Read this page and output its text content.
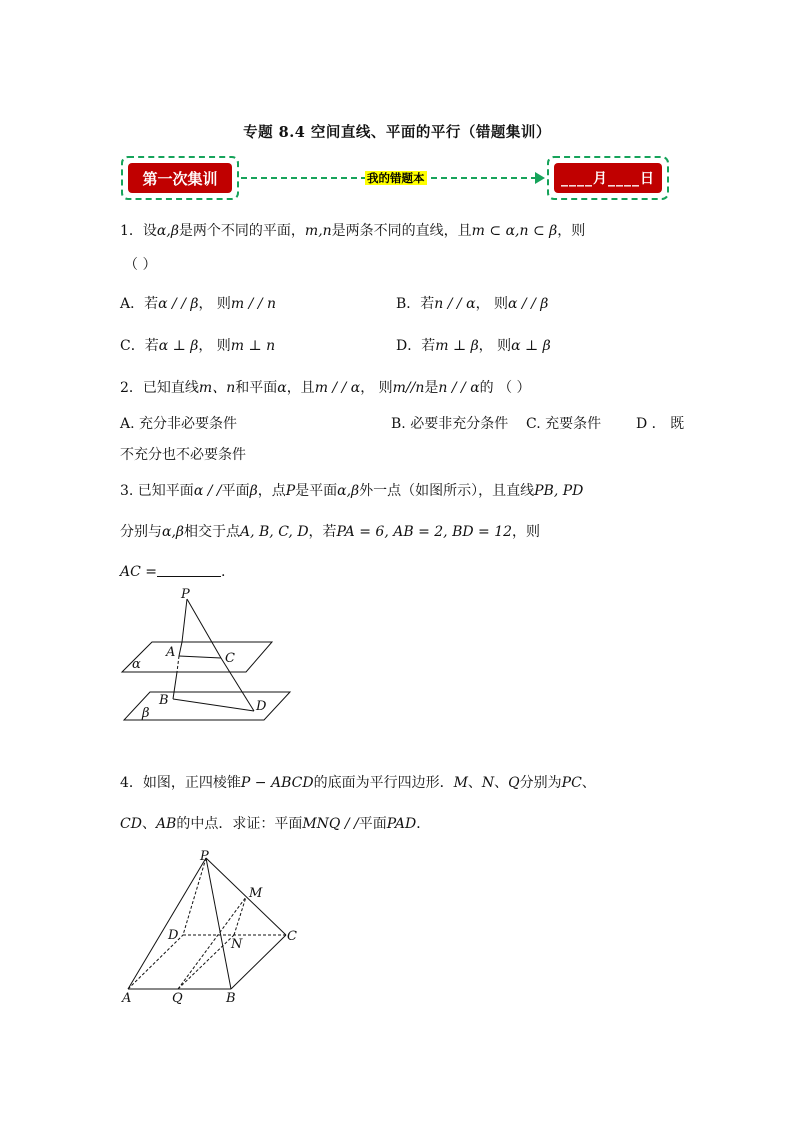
专题 8.4 空间直线、平面的平行（错题集训）
第一次集训	我的错题本	____月____日
1．设α,β是两个不同的平面，m,n是两条不同的直线，且m ⊂ α,n ⊂ β，则
（ ）
A．若α / / β， 则m / / n	B．若n / / α， 则α / / β
C．若α ⊥ β， 则m ⊥ n	D．若m ⊥ β， 则α ⊥ β
2．已知直线m、n和平面α，且m / / α， 则m//n是n / / α的 （ ）
A. 充分非必要条件	B. 必要非充分条件 C. 充要条件 D ． 既
不充分也不必要条件
3. 已知平面α / /平面β，点P是平面α,β外一点（如图所示），且直线PB, PD
分别与α,β相交于点A, B, C, D，若PA = 6, AB = 2, BD = 12，则
AC =	.
P
A	C
B	D
α
β
4．如图，正四棱锥P − ABCD的底面为平行四边形．M、N、Q分别为PC、
CD、AB的中点．求证：平面MNQ / /平面PAD．
P
M
D
N
C
A	Q	B
